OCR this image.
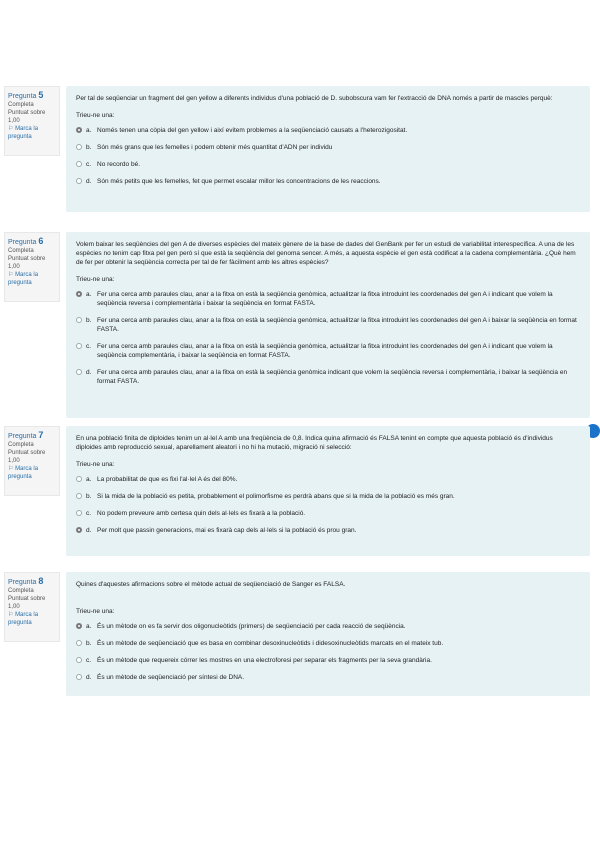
Pregunta 5
Completa
Puntuat sobre 1,00
⚐ Marca la pregunta
Per tal de seqüenciar un fragment del gen yellow a diferents individus d'una població de D. subobscura vam fer l'extracció de DNA només a partir de mascles perquè:
Trieu-ne una:
a. Només tenen una còpia del gen yellow i així evitem problemes a la seqüenciació causats a l'heterozigositat.
b. Són més grans que les femelles i podem obtenir més quantitat d'ADN per individu
c. No recordo bé.
d. Són més petits que les femelles, fet que permet escalar millor les concentracions de les reaccions.
Pregunta 6
Completa
Puntuat sobre 1,00
⚐ Marca la pregunta
Volem baixar les seqüències del gen A de diverses espècies del mateix gènere de la base de dades del GenBank per fer un estudi de variabilitat interespecífica. A una de les espècies no tenim cap fitxa pel gen però sí que està la seqüència del genoma sencer. A més, a aquesta espècie el gen està codificat a la cadena complementària. ¿Què hem de fer per obtenir la seqüència correcta per tal de fer fàcilment amb les altres espècies?
Trieu-ne una:
a. Fer una cerca amb paraules clau, anar a la fitxa on està la seqüència genòmica, actualitzar la fitxa introduint les coordenades del gen A i indicant que volem la seqüència reversa i complementària i baixar la seqüència en format FASTA.
b. Fer una cerca amb paraules clau, anar a la fitxa on està la seqüència genòmica, actualitzar la fitxa introduint les coordenades del gen A i baixar la seqüència en format FASTA.
c. Fer una cerca amb paraules clau, anar a la fitxa on està la seqüència genòmica, actualitzar la fitxa introduint les coordenades del gen A i indicant que volem la seqüència complementària, i baixar la seqüència en format FASTA.
d. Fer una cerca amb paraules clau, anar a la fitxa on està la seqüència genòmica indicant que volem la seqüència reversa i complementària, i baixar la seqüència en format FASTA.
Pregunta 7
Completa
Puntuat sobre 1,00
⚐ Marca la pregunta
En una població finita de diploides tenim un al·lel A amb una freqüència de 0,8. Indica quina afirmació és FALSA tenint en compte que aquesta població és d'individus diploides amb reproducció sexual, aparellament aleatori i no hi ha mutació, migració ni selecció:
Trieu-ne una:
a. La probabilitat de que es fixi l'al·lel A és del 80%.
b. Si la mida de la població es petita, probablement el polimorfisme es perdrà abans que si la mida de la població es més gran.
c. No podem preveure amb certesa quin dels al·lels es fixarà a la població.
d. Per molt que passin generacions, mai es fixarà cap dels al·lels si la població és prou gran.
Pregunta 8
Completa
Puntuat sobre 1,00
⚐ Marca la pregunta
Quines d'aquestes afirmacions sobre el mètode actual de seqüenciació de Sanger es FALSA.
Trieu-ne una:
a. És un mètode on es fa servir dos oligonucleòtids (primers) de seqüenciació per cada reacció de seqüència.
b. És un mètode de seqüenciació que es basa en combinar desoxinucleòtids i didesoxinucleòtids marcats en el mateix tub.
c. És un mètode que requereix córrer les mostres en una electroforesi per separar els fragments per la seva grandària.
d. És un mètode de seqüenciació per síntesi de DNA.
